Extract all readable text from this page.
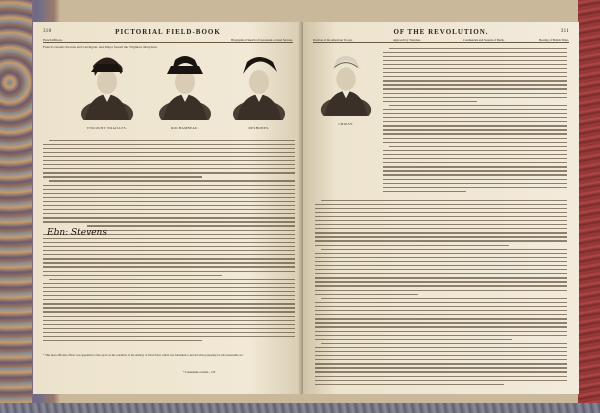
310	PICTORIAL FIELD-BOOK
French Officers.	Biographical Sketch of Lieutenant-colonel Stevens.
French colonels Stevens and Carrington, and Major Sewell the Virginian, Maryland,
VISCOUNT NOAILLES.	ROCHAMBEAU.	DESHONES.
Ebn: Stevens
* This most efficient officer was appointed to the report on the condition of the artillery of West Point, which was furnished to Arnold when preparing for his treasonable act.
* Lieutenant-colonel... 110
OF THE REVOLUTION.	311
Position of the American Troops.	Approach by Trenches.	Continentals and Sounds of Battle.	Bearing of British Ships.
CHOISY.
